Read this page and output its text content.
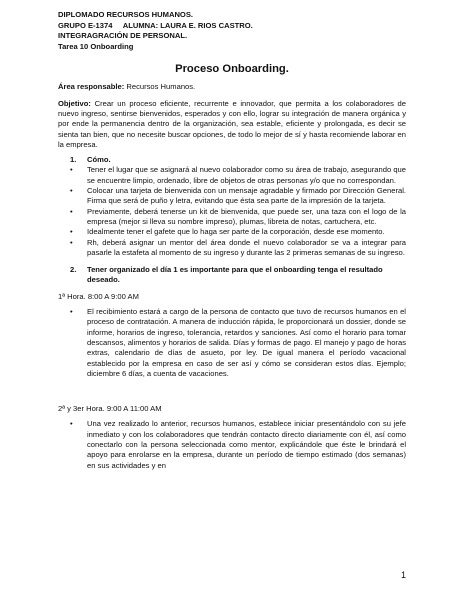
DIPLOMADO RECURSOS HUMANOS.
GRUPO E-1374     ALUMNA: LAURA E. RIOS CASTRO.
INTEGRAGRACIÓN DE PERSONAL.
Tarea 10 Onboarding
Proceso Onboarding.

Área responsable: Recursos Humanos.

Objetivo: Crear un proceso eficiente, recurrente e innovador, que permita a los colaboradores de nuevo ingreso, sentirse bienvenidos, esperados y con ello, lograr su integración de manera orgánica y por ende la permanencia dentro de la organización, sea estable, eficiente y prolongada, es decir se sienta tan bien, que no necesite buscar opciones, de todo lo mejor de sí y hasta recomiende laborar en la empresa.

1.	Cómo.
•	Tener el lugar que se asignará al nuevo colaborador como su área de trabajo, asegurando que se encuentre limpio, ordenado, libre de objetos de otras personas y/o que no correspondan.
•	Colocar una tarjeta de bienvenida con un mensaje agradable y firmado por Dirección General.     Firma que será de puño y letra, evitando que ésta sea parte de la impresión de la tarjeta.
•	Previamente, deberá tenerse un kit de bienvenida, que puede ser, una taza con el logo de la empresa (mejor si lleva su nombre impreso), plumas, libreta de notas, cartuchera, etc.
•	Idealmente tener el gafete que lo haga ser parte de la corporación, desde ese momento.
•	Rh, deberá asignar un mentor del área donde el nuevo colaborador se va a integrar para pasarle la estafeta al momento de su ingreso y durante las 2 primeras semanas de su ingreso.
2.	Tener organizado el día 1 es importante para que el onboarding tenga el resultado deseado.

1ª Hora. 8:00 A 9:00 AM

•	El recibimiento estará a cargo de la persona de contacto que tuvo de recursos humanos en el proceso de contratación. A manera de inducción rápida, le proporcionará un dossier, donde se informe, horarios de ingreso, tolerancia, retardos y sanciones. Así como el horario para tomar descansos, alimentos y horarios de salida. Días y formas de pago. El manejo y pago de horas extras, calendario de días de asueto, por ley. De igual manera el período vacacional establecido por la empresa en caso de ser así y cómo se consideran estos días. Ejemplo; diciembre 6 días, a cuenta de vacaciones.

2ª y 3er Hora. 9:00 A 11:00 AM

•	Una vez realizado lo anterior, recursos humanos, establece iniciar presentándolo con su jefe inmediato y con los colaboradores que tendrán contacto directo diariamente con él, así como conectarlo con la persona seleccionada como mentor, explicándole que éste le brindará el apoyo para enrolarse en la empresa, durante un período de tiempo estimado (dos semanas) en sus actividades y en
1
